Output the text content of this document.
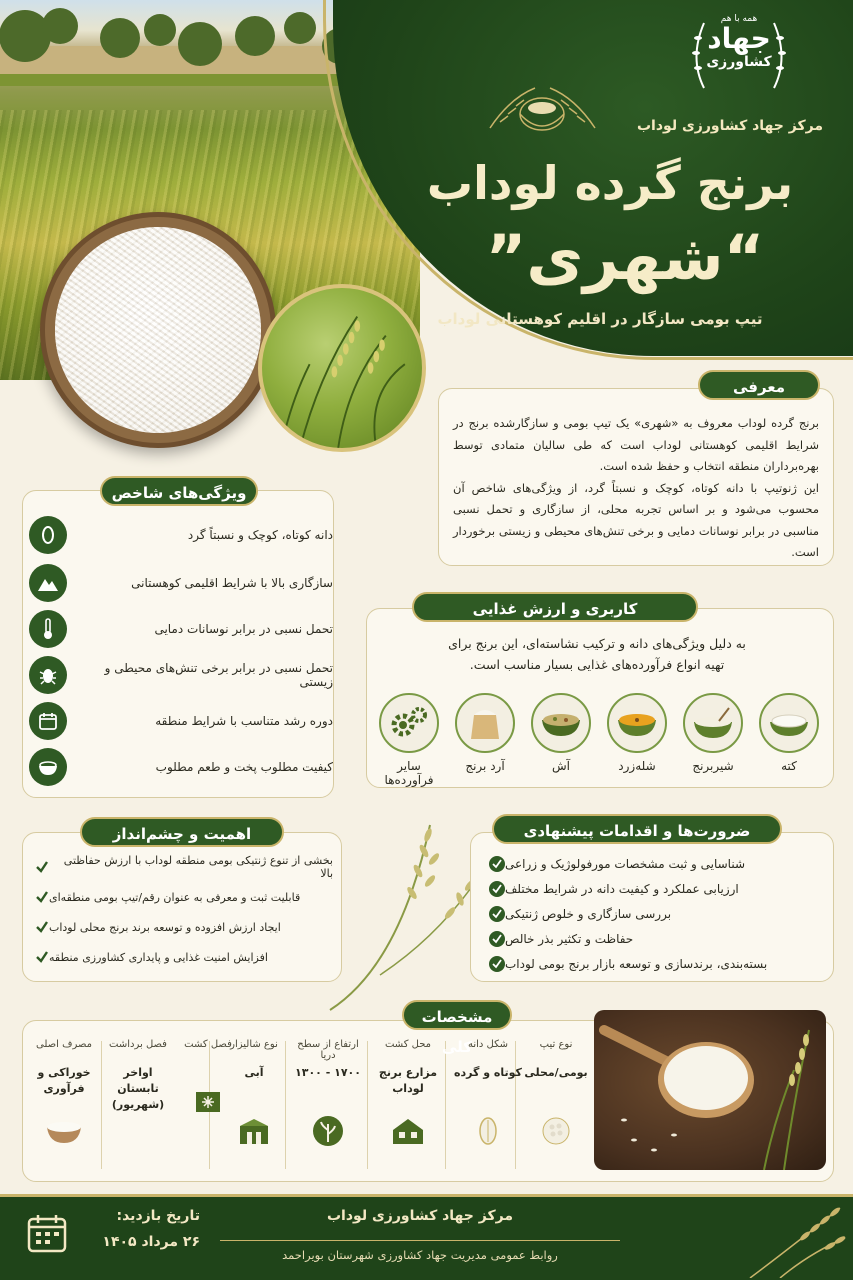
همه با هم
جهاد
کشاورزی
مرکز جهاد کشاورزی لوداب
برنج گرده لوداب
“شهری”
تیپ بومی سازگار در اقلیم کوهستانی لوداب
برنج گرده لوداب معروف به «شهری» یک تیپ بومی و سازگارشده برنج در شرایط اقلیمی کوهستانی لوداب است که طی سالیان متمادی توسط بهره‌برداران منطقه انتخاب و حفظ شده است.
این ژنوتیپ با دانه کوتاه، کوچک و نسبتاً گرد، از ویژگی‌های شاخص آن محسوب می‌شود و بر اساس تجربه محلی، از سازگاری و تحمل نسبی مناسبی در برابر نوسانات دمایی و برخی تنش‌های محیطی و زیستی برخوردار است.
معرفی
دانه کوتاه، کوچک و نسبتاً گرد
سازگاری بالا با شرایط اقلیمی کوهستانی
تحمل نسبی در برابر نوسانات دمایی
تحمل نسبی در برابر برخی تنش‌های محیطی و زیستی
دوره رشد متناسب با شرایط منطقه
کیفیت مطلوب پخت و طعم مطلوب
ویژگی‌های شاخص
به دلیل ویژگی‌های دانه و ترکیب نشاسته‌ای، این برنج برای
تهیه انواع فرآورده‌های غذایی بسیار مناسب است.
کته
شیربرنج
شله‌زرد
آش
آرد برنج
سایر فرآورده‌ها
کاربری و ارزش غذایی
بخشی از تنوع ژنتیکی بومی منطقه لوداب با ارزش حفاظتی بالا
قابلیت ثبت و معرفی به عنوان رقم/تیپ بومی منطقه‌ای
ایجاد ارزش افزوده و توسعه برند برنج محلی لوداب
افزایش امنیت غذایی و پایداری کشاورزی منطقه
اهمیت و چشم‌انداز
شناسایی و ثبت مشخصات مورفولوژیک و زراعی
ارزیابی عملکرد و کیفیت دانه در شرایط مختلف
بررسی سازگاری و خلوص ژنتیکی
حفاظت و تکثیر بذر خالص
بسته‌بندی، برندسازی و توسعه بازار برنج بومی لوداب
ضرورت‌ها و اقدامات پیشنهادی
نوع تیپ
بومی/محلی
شکل دانه
کوتاه و گرده
محل کشت
مزارع برنج لوداب
ارتفاع از سطح دریا
۱۷۰۰ - ۱۳۰۰
نوع شالیزار
آبی
فصل کشت
فصل برداشت
اواخر تابستان (شهریور)
مصرف اصلی
خوراکی و فرآوری
مشخصات کلی
تاریخ بازدید:
۲۶ مرداد ۱۴۰۵
مرکز جهاد کشاورزی لوداب
روابط عمومی مدیریت جهاد کشاورزی شهرستان بویراحمد
